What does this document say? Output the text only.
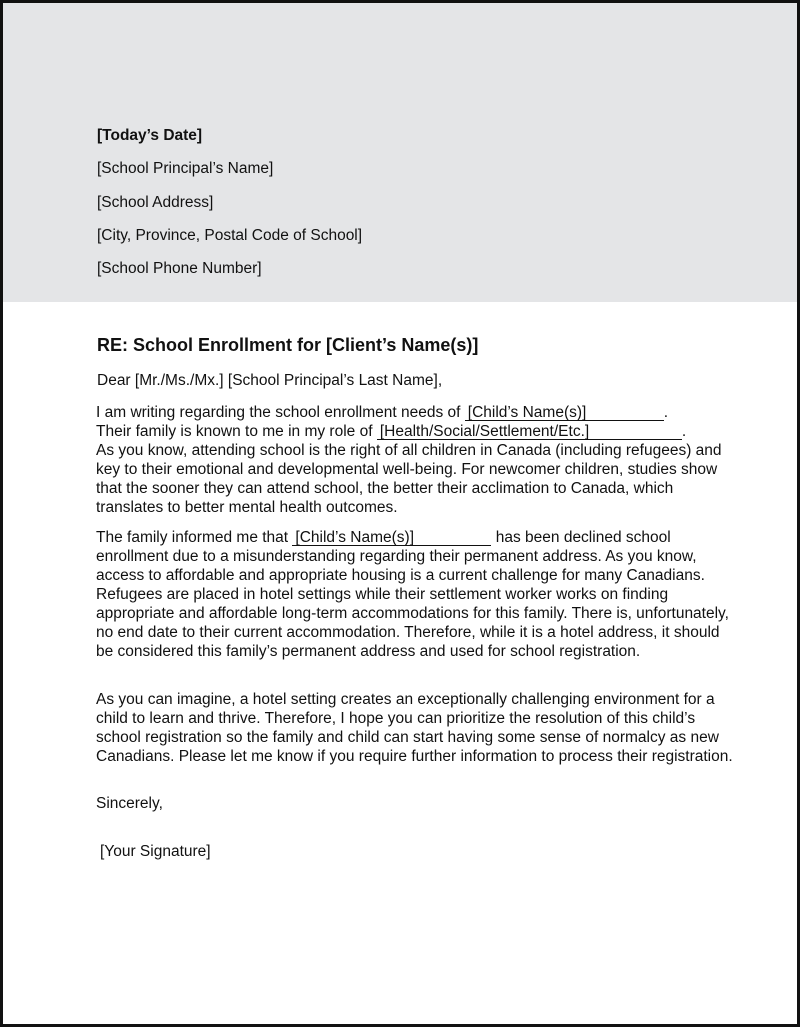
[Today’s Date]
[School Principal’s Name]
[School Address]
[City, Province, Postal Code of School]
[School Phone Number]
RE: School Enrollment for [Client’s Name(s)]
Dear [Mr./Ms./Mx.] [School Principal’s Last Name],
I am writing regarding the school enrollment needs of [Child’s Name(s)]	.
Their family is known to me in my role of [Health/Social/Settlement/Etc.]	.
As you know, attending school is the right of all children in Canada (including refugees) and key to their emotional and developmental well-being. For newcomer children, studies show that the sooner they can attend school, the better their acclimation to Canada, which translates to better mental health outcomes.
The family informed me that [Child’s Name(s)]	has been declined school enrollment due to a misunderstanding regarding their permanent address. As you know, access to affordable and appropriate housing is a current challenge for many Canadians. Refugees are placed in hotel settings while their settlement worker works on finding appropriate and affordable long-term accommodations for this family. There is, unfortunately, no end date to their current accommodation. Therefore, while it is a hotel address, it should be considered this family’s permanent address and used for school registration.
As you can imagine, a hotel setting creates an exceptionally challenging environment for a child to learn and thrive. Therefore, I hope you can prioritize the resolution of this child’s school registration so the family and child can start having some sense of normalcy as new Canadians. Please let me know if you require further information to process their registration.
Sincerely,
[Your Signature]
